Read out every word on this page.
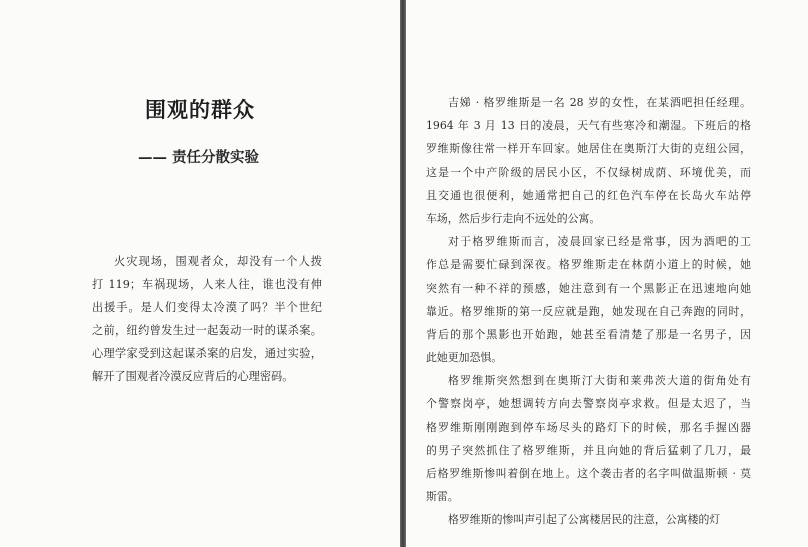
围观的群众
—— 责任分散实验
火灾现场，围观者众，却没有一个人拨
打 119；车祸现场，人来人往，谁也没有伸
出援手。是人们变得太冷漠了吗？半个世纪
之前，纽约曾发生过一起轰动一时的谋杀案。
心理学家受到这起谋杀案的启发，通过实验，
解开了围观者冷漠反应背后的心理密码。
吉娣 · 格罗维斯是一名 28 岁的女性，在某酒吧担任经理。
1964 年 3 月 13 日的凌晨，天气有些寒冷和潮湿。下班后的格
罗维斯像往常一样开车回家。她居住在奥斯汀大街的克纽公园，
这是一个中产阶级的居民小区，不仅绿树成荫、环境优美，而
且交通也很便利，她通常把自己的红色汽车停在长岛火车站停
车场，然后步行走向不远处的公寓。
对于格罗维斯而言，凌晨回家已经是常事，因为酒吧的工
作总是需要忙碌到深夜。格罗维斯走在林荫小道上的时候，她
突然有一种不祥的预感，她注意到有一个黑影正在迅速地向她
靠近。格罗维斯的第一反应就是跑，她发现在自己奔跑的同时，
背后的那个黑影也开始跑，她甚至看清楚了那是一名男子，因
此她更加恐惧。
格罗维斯突然想到在奥斯汀大街和莱弗茨大道的街角处有
个警察岗亭，她想调转方向去警察岗亭求救。但是太迟了，当
格罗维斯刚刚跑到停车场尽头的路灯下的时候，那名手握凶器
的男子突然抓住了格罗维斯，并且向她的背后猛刺了几刀，最
后格罗维斯惨叫着倒在地上。这个袭击者的名字叫做温斯顿 · 莫
斯雷。
格罗维斯的惨叫声引起了公寓楼居民的注意，公寓楼的灯
